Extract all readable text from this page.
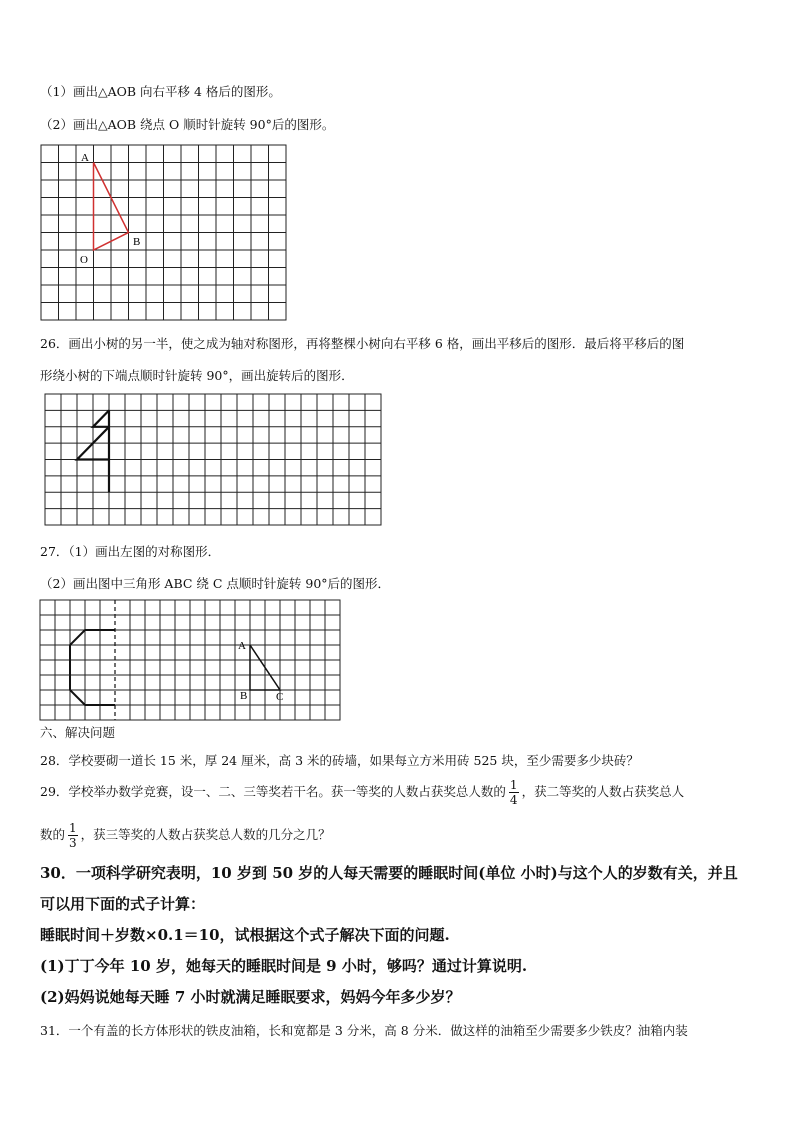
（1）画出△AOB 向右平移 4 格后的图形。
（2）画出△AOB 绕点 O 顺时针旋转 90°后的图形。
A
B
O
A
B	C
26．画出小树的另一半，使之成为轴对称图形，再将整棵小树向右平移 6 格，画出平移后的图形．最后将平移后的图
形绕小树的下端点顺时针旋转 90°，画出旋转后的图形．
27．（1）画出左图的对称图形．
（2）画出图中三角形 ABC 绕 C 点顺时针旋转 90°后的图形．
六、解决问题
28．学校要砌一道长 15 米，厚 24 厘米，高 3 米的砖墙，如果每立方米用砖 525 块，至少需要多少块砖？
29．学校举办数学竞赛，设一、二、三等奖若干名。获一等奖的人数占获奖总人数的 $\frac{1}{4}$ ，获二等奖的人数占获奖总人
数的 $\frac{1}{3}$ ，获三等奖的人数占获奖总人数的几分之几？
30．一项科学研究表明，10 岁到 50 岁的人每天需要的睡眠时间(单位 小时)与这个人的岁数有关，并且
可以用下面的式子计算：
睡眠时间＋岁数×0.1＝10，试根据这个式子解决下面的问题.
(1)丁丁今年 10 岁，她每天的睡眠时间是 9 小时，够吗？通过计算说明.
(2)妈妈说她每天睡 7 小时就满足睡眠要求，妈妈今年多少岁？
31．一个有盖的长方体形状的铁皮油箱，长和宽都是 3 分米，高 8 分米．做这样的油箱至少需要多少铁皮？油箱内装
